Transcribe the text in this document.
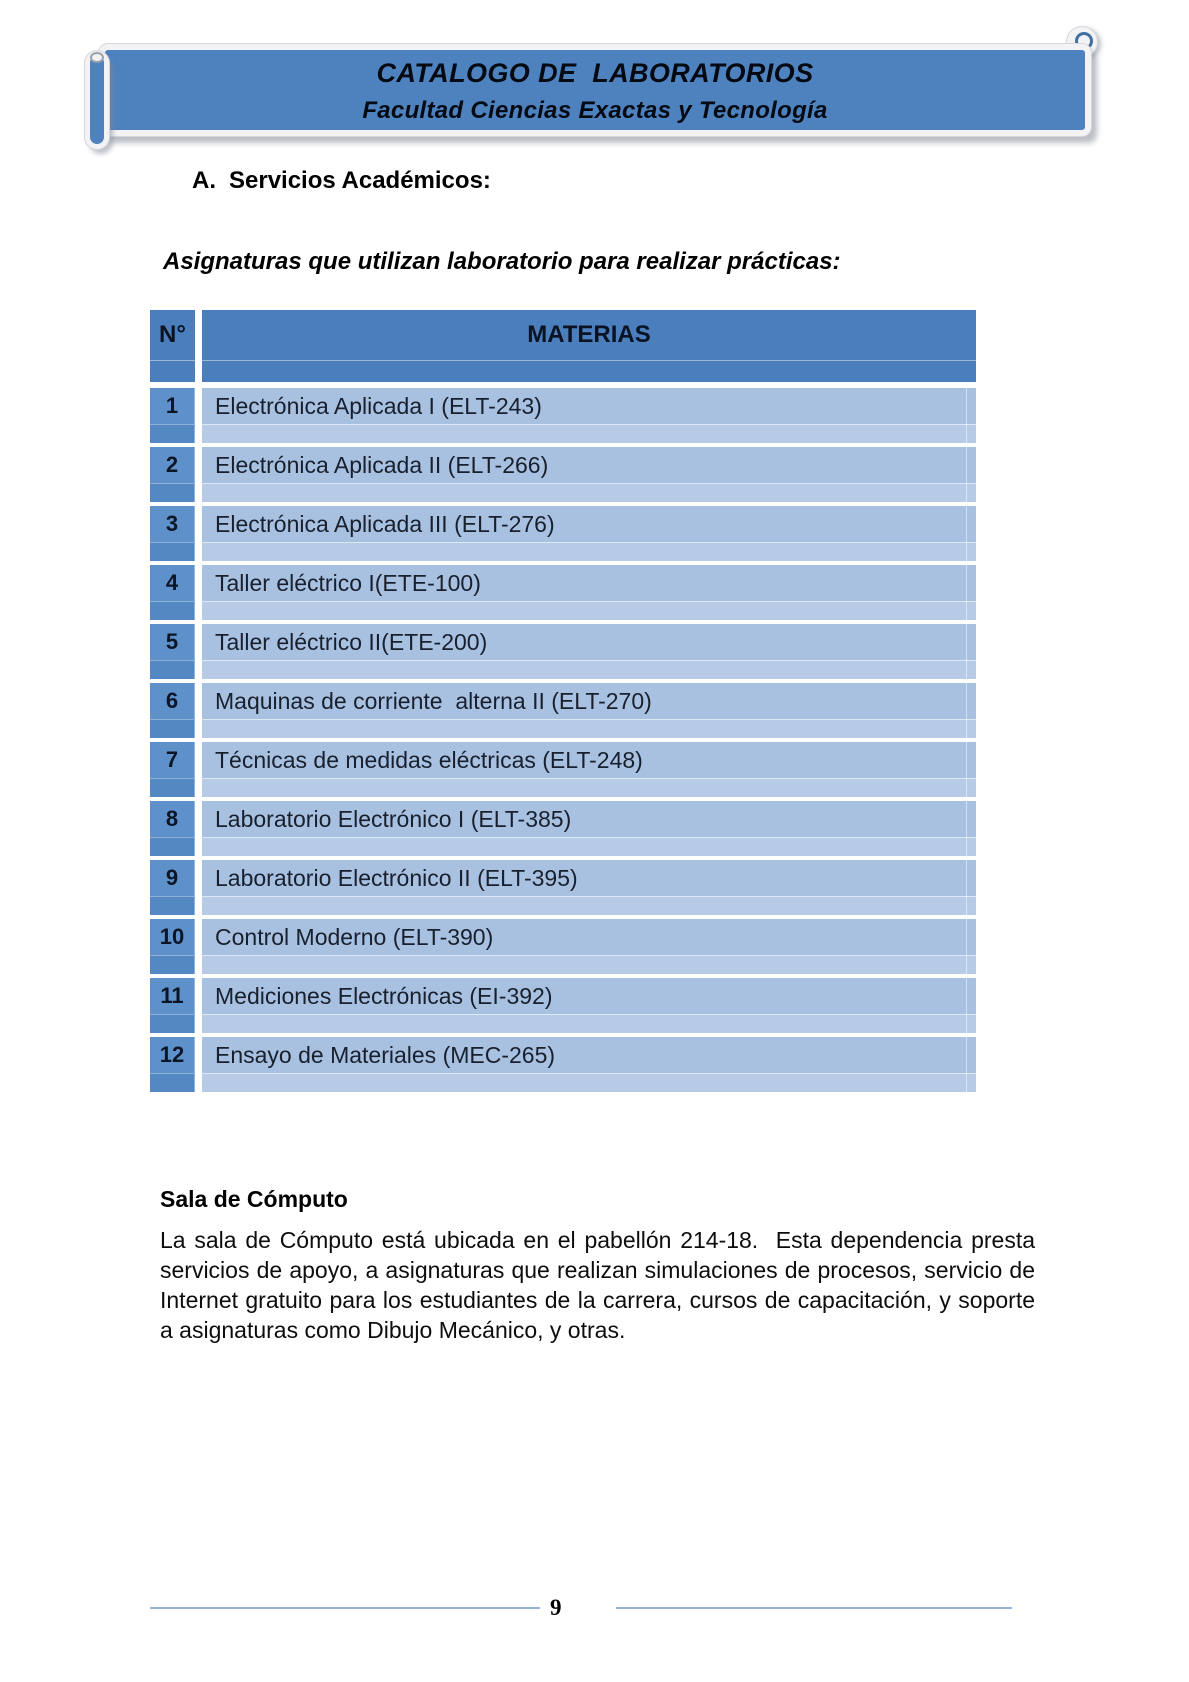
CATALOGO DE  LABORATORIOS
Facultad Ciencias Exactas y Tecnología
A. Servicios Académicos:
Asignaturas que utilizan laboratorio para realizar prácticas:
N°	MATERIAS
1	Electrónica Aplicada I (ELT-243)
2	Electrónica Aplicada II (ELT-266)
3	Electrónica Aplicada III (ELT-276)
4	Taller eléctrico I(ETE-100)
5	Taller eléctrico II(ETE-200)
6	Maquinas de corriente  alterna II (ELT-270)
7	Técnicas de medidas eléctricas (ELT-248)
8	Laboratorio Electrónico I (ELT-385)
9	Laboratorio Electrónico II (ELT-395)
10	Control Moderno (ELT-390)
11	Mediciones Electrónicas (EI-392)
12	Ensayo de Materiales (MEC-265)
Sala de Cómputo

La sala de Cómputo está ubicada en el pabellón 214-18.  Esta dependencia presta servicios de apoyo, a asignaturas que realizan simulaciones de procesos, servicio de Internet gratuito para los estudiantes de la carrera, cursos de capacitación, y soporte a asignaturas como Dibujo Mecánico, y otras.

9
